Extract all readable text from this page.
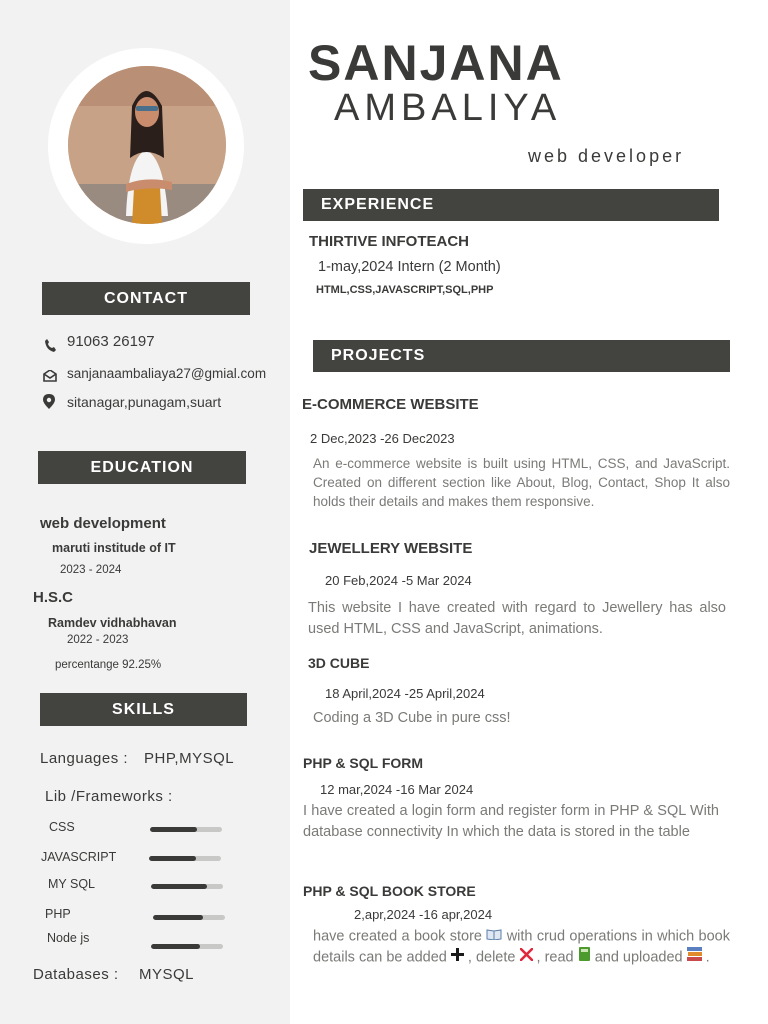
CONTACT
91063 26197
sanjanaambaliaya27@gmial.com
sitanagar,punagam,suart
EDUCATION
web development
maruti institude of IT
2023 - 2024
H.S.C
Ramdev vidhabhavan
2022 - 2023
percentange 92.25%
SKILLS
Languages : PHP,MYSQL
Lib /Frameworks :
CSS
JAVASCRIPT
MY SQL
PHP
Node js
Databases : MYSQL
SANJANA
AMBALIYA
web developer
EXPERIENCE
THIRTIVE INFOTEACH
1-may,2024 Intern (2 Month)
HTML,CSS,JAVASCRIPT,SQL,PHP
PROJECTS
E-COMMERCE WEBSITE
2 Dec,2023 -26 Dec2023
An e-commerce website is built using HTML, CSS, and JavaScript. Created on different section like About, Blog, Contact, Shop It also holds their details and makes them responsive.
JEWELLERY WEBSITE
20 Feb,2024 -5 Mar 2024
This website I have created with regard to Jewellery has also used HTML, CSS and JavaScript, animations.
3D CUBE
18 April,2024 -25 April,2024
Coding a 3D Cube in pure css!
PHP & SQL FORM
12 mar,2024 -16 Mar 2024
I have created a login form and register form in PHP & SQL With database connectivity In which the data is stored in the table
PHP & SQL BOOK STORE
2,apr,2024 -16 apr,2024
have created a book store with crud operations in which book details can be added , delete , read and uploaded .
